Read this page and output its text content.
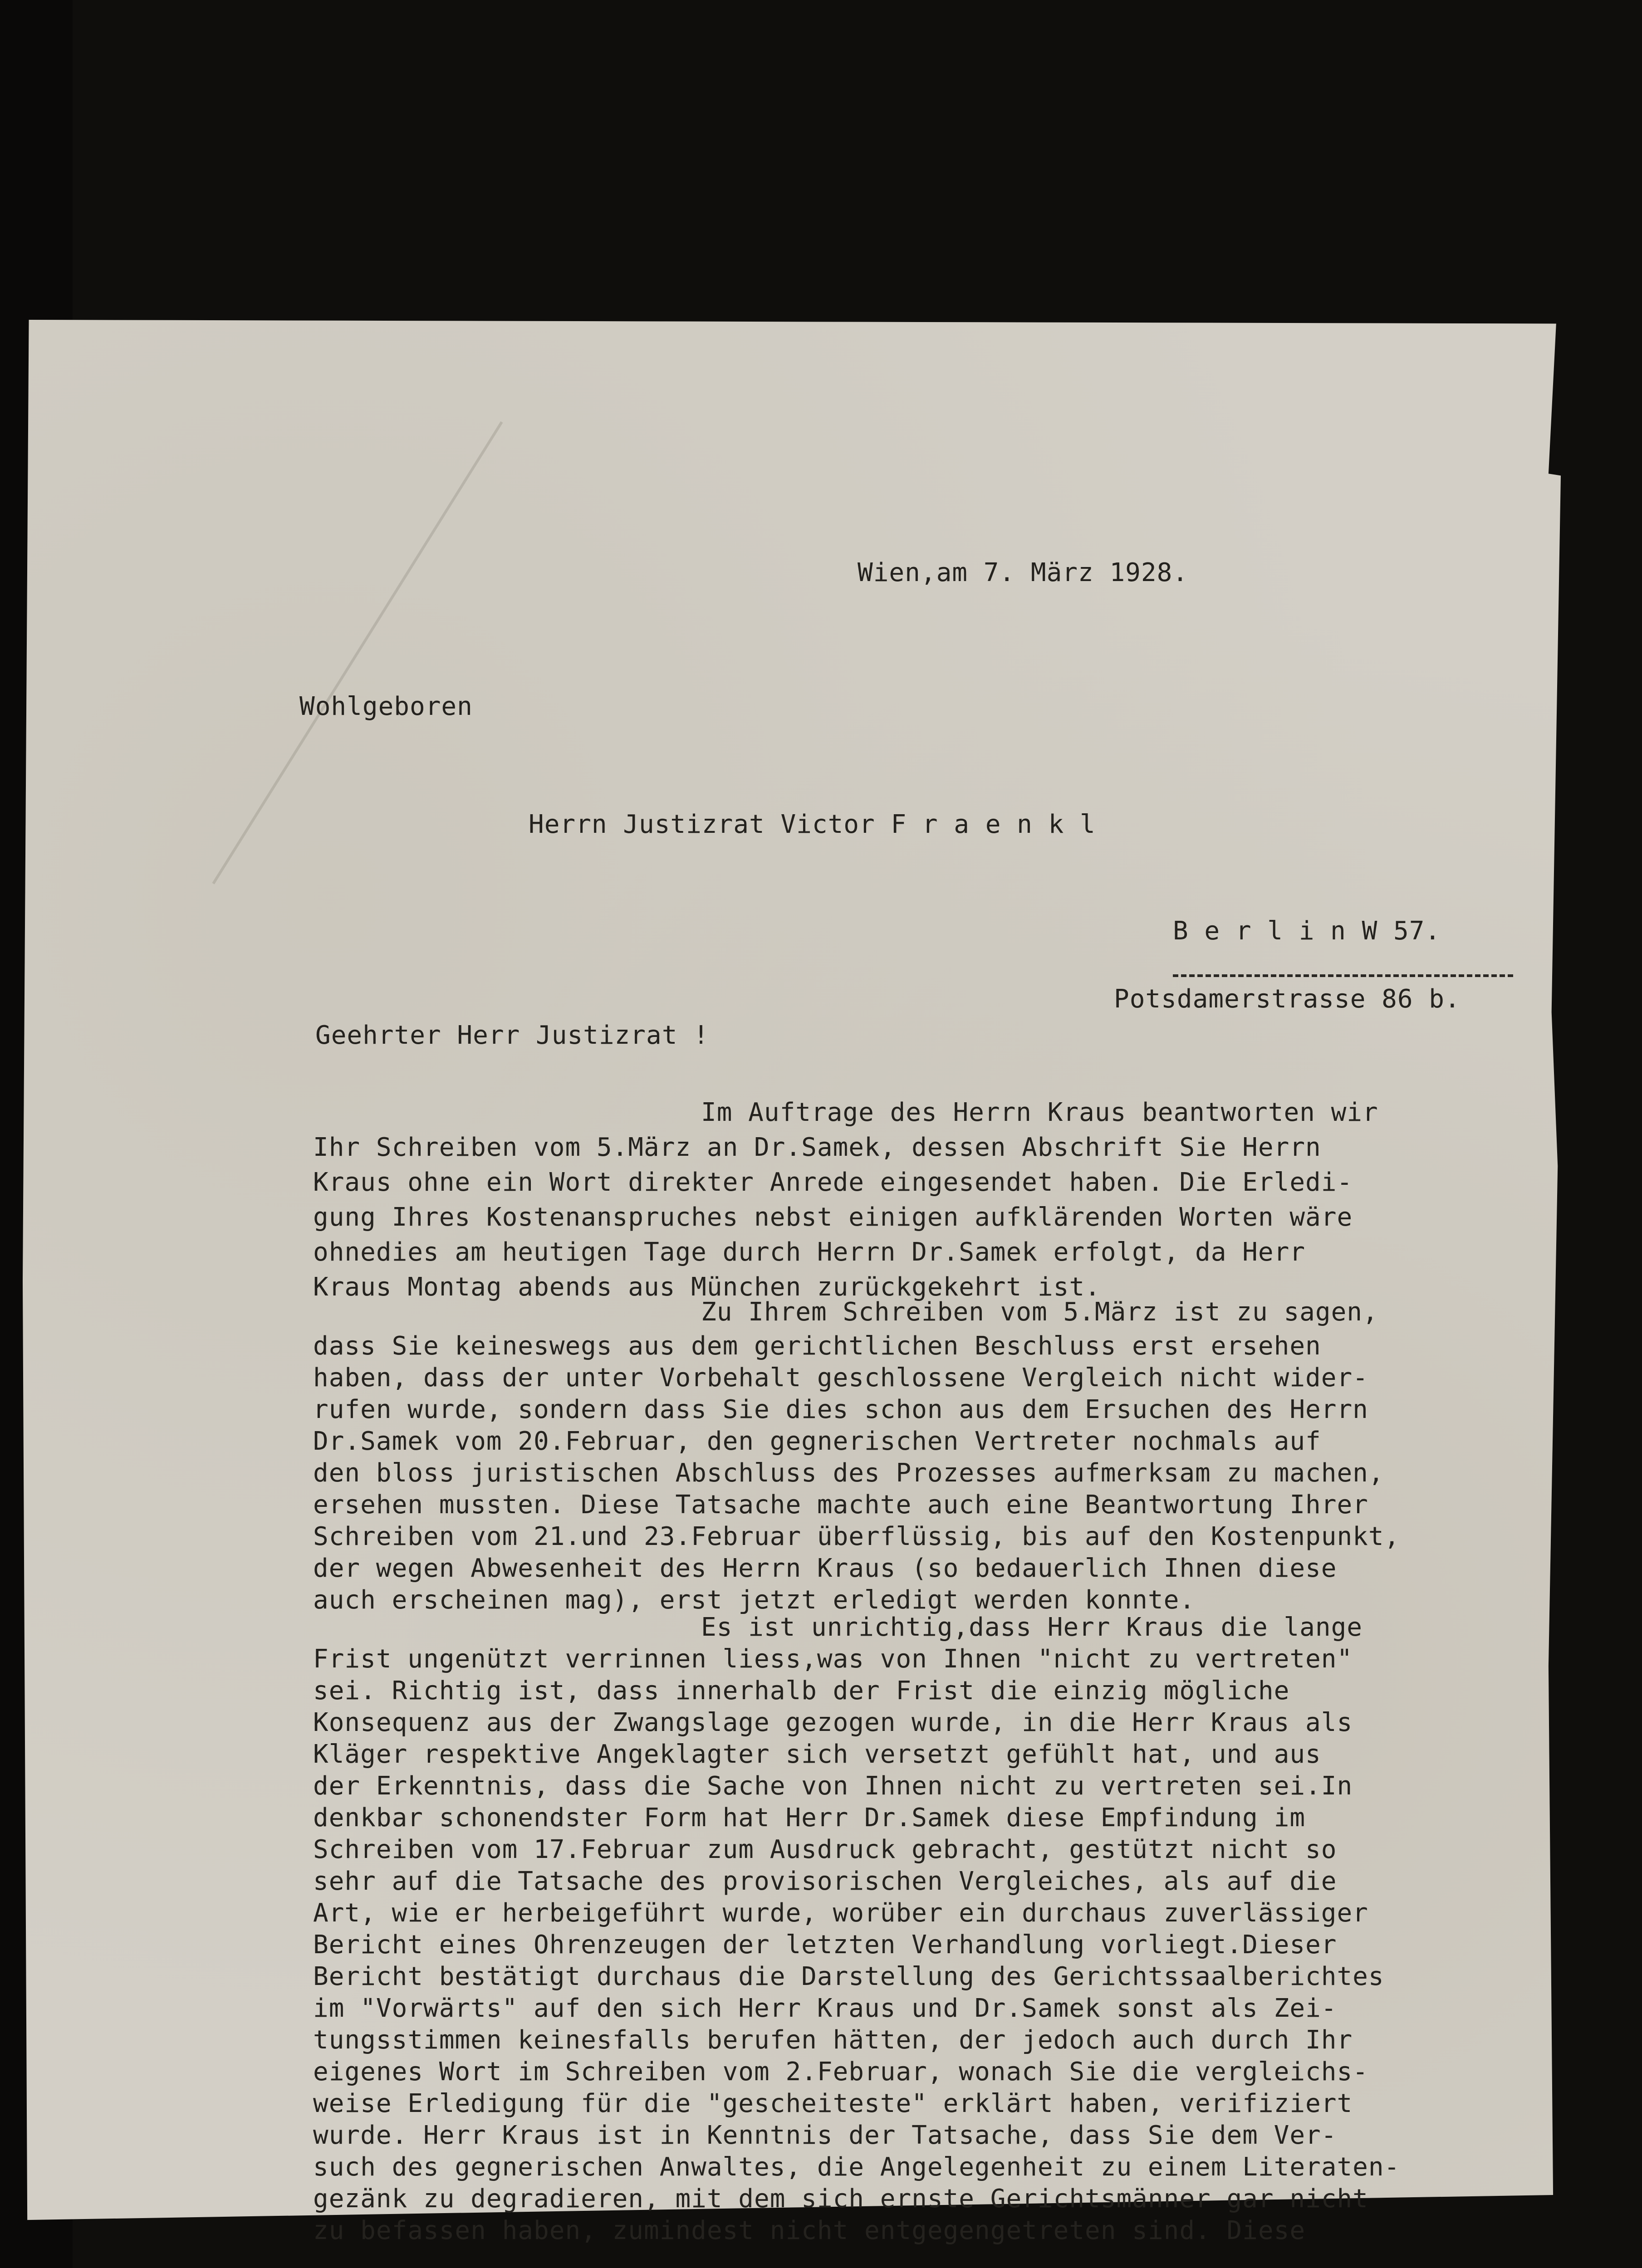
Wien,am 7. März 1928.
Wohlgeboren
Herrn Justizrat Victor F r a e n k l
B e r l i n W 57.
Potsdamerstrasse 86 b.
Geehrter Herr Justizrat !
Im Auftrage des Herrn Kraus beantworten wir
Ihr Schreiben vom 5.März an Dr.Samek, dessen Abschrift Sie Herrn
Kraus ohne ein Wort direkter Anrede eingesendet haben. Die Erledi-
gung Ihres Kostenanspruches nebst einigen aufklärenden Worten wäre
ohnedies am heutigen Tage durch Herrn Dr.Samek erfolgt, da Herr
Kraus Montag abends aus München zurückgekehrt ist.
Zu Ihrem Schreiben vom 5.März ist zu sagen,
dass Sie keineswegs aus dem gerichtlichen Beschluss erst ersehen
haben, dass der unter Vorbehalt geschlossene Vergleich nicht wider-
rufen wurde, sondern dass Sie dies schon aus dem Ersuchen des Herrn
Dr.Samek vom 20.Februar, den gegnerischen Vertreter nochmals auf
den bloss juristischen Abschluss des Prozesses aufmerksam zu machen,
ersehen mussten. Diese Tatsache machte auch eine Beantwortung Ihrer
Schreiben vom 21.und 23.Februar überflüssig, bis auf den Kostenpunkt,
der wegen Abwesenheit des Herrn Kraus (so bedauerlich Ihnen diese
auch erscheinen mag), erst jetzt erledigt werden konnte.
Es ist unrichtig,dass Herr Kraus die lange
Frist ungenützt verrinnen liess,was von Ihnen "nicht zu vertreten"
sei. Richtig ist, dass innerhalb der Frist die einzig mögliche
Konsequenz aus der Zwangslage gezogen wurde, in die Herr Kraus als
Kläger respektive Angeklagter sich versetzt gefühlt hat, und aus
der Erkenntnis, dass die Sache von Ihnen nicht zu vertreten sei.In
denkbar schonendster Form hat Herr Dr.Samek diese Empfindung im
Schreiben vom 17.Februar zum Ausdruck gebracht, gestützt nicht so
sehr auf die Tatsache des provisorischen Vergleiches, als auf die
Art, wie er herbeigeführt wurde, worüber ein durchaus zuverlässiger
Bericht eines Ohrenzeugen der letzten Verhandlung vorliegt.Dieser
Bericht bestätigt durchaus die Darstellung des Gerichtssaalberichtes
im "Vorwärts" auf den sich Herr Kraus und Dr.Samek sonst als Zei-
tungsstimmen keinesfalls berufen hätten, der jedoch auch durch Ihr
eigenes Wort im Schreiben vom 2.Februar, wonach Sie die vergleichs-
weise Erledigung für die "gescheiteste" erklärt haben, verifiziert
wurde. Herr Kraus ist in Kenntnis der Tatsache, dass Sie dem Ver-
such des gegnerischen Anwaltes, die Angelegenheit zu einem Literaten-
gezänk zu degradieren, mit dem sich ernste Gerichtsmänner gar nicht
zu befassen haben, zumindest nicht entgegengetreten sind. Diese
